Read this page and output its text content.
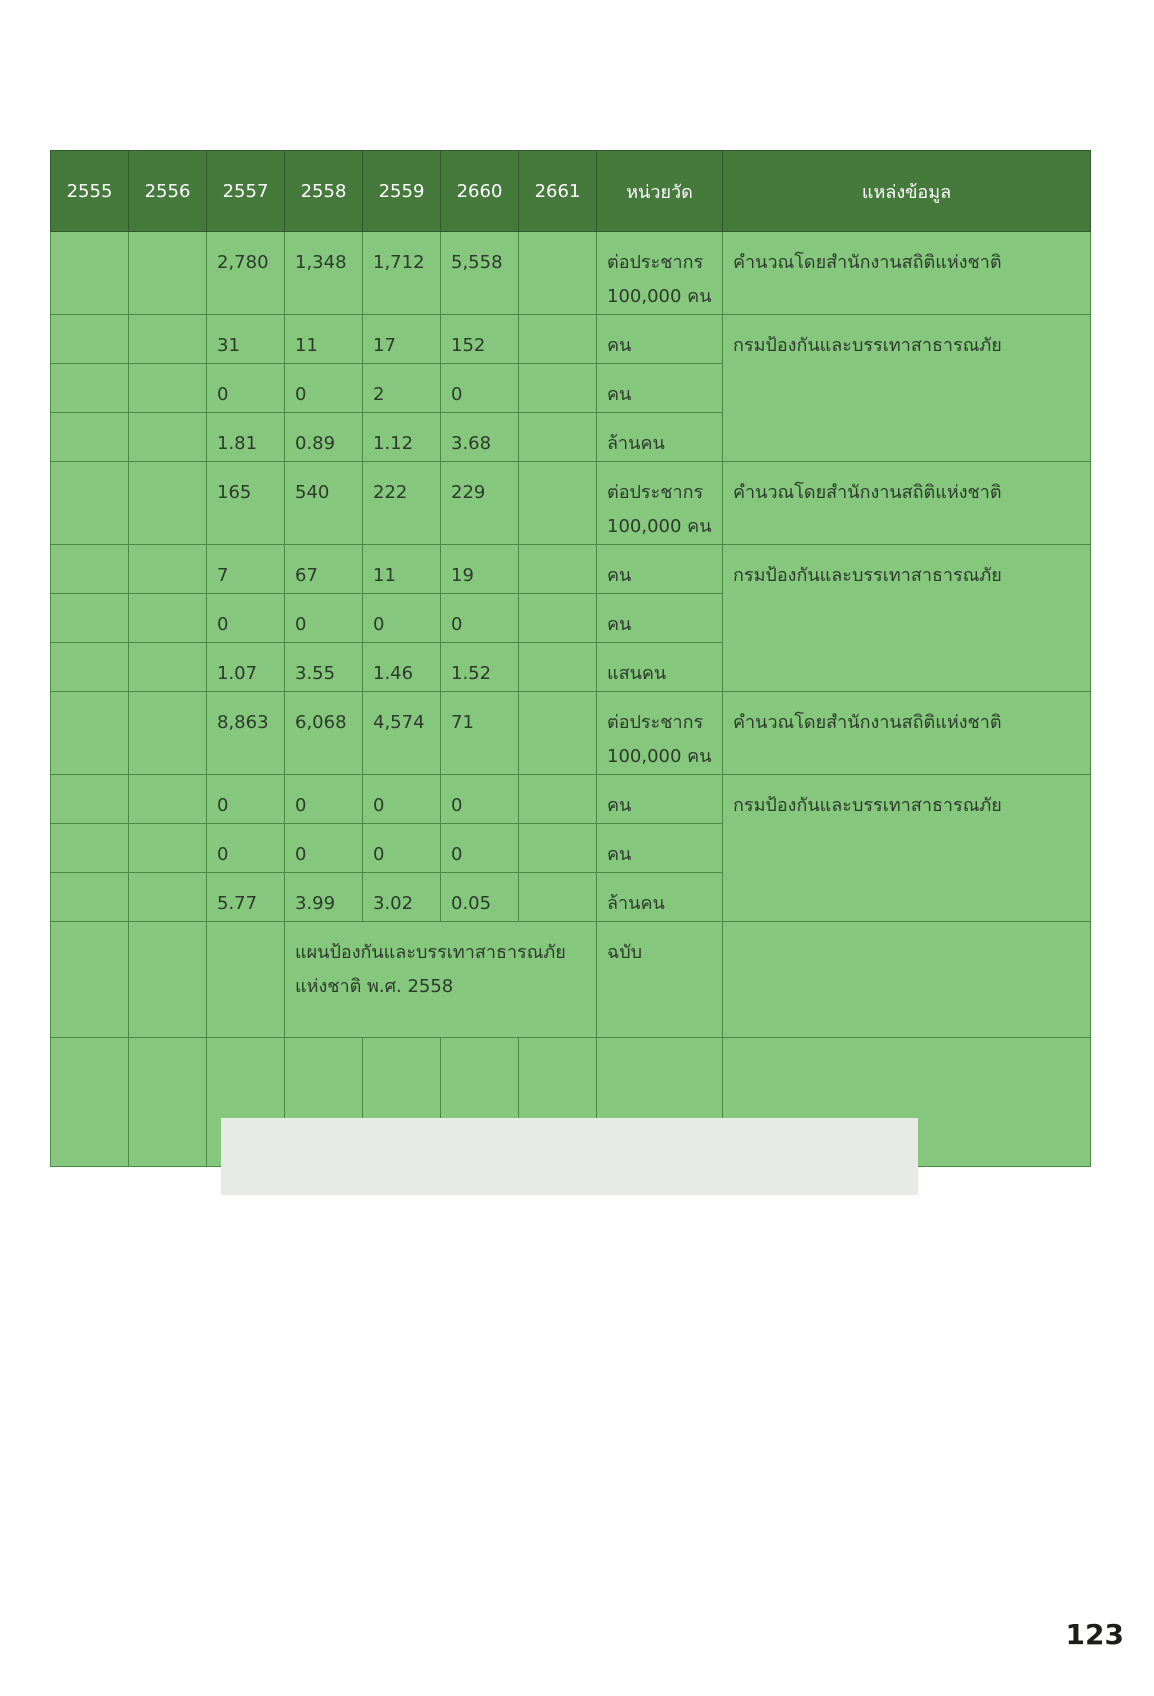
2555	2556	2557	2558	2559	2660	2661	หน่วยวัด	แหล่งข้อมูล
		2,780	1,348	1,712	5,558		ต่อประชากร 100,000 คน	คำนวณโดยสำนักงานสถิติแห่งชาติ
		31	11	17	152		คน	กรมป้องกันและบรรเทาสาธารณภัย
		0	0	2	0		คน	
		1.81	0.89	1.12	3.68		ล้านคน	
		165	540	222	229		ต่อประชากร 100,000 คน	คำนวณโดยสำนักงานสถิติแห่งชาติ
		7	67	11	19		คน	กรมป้องกันและบรรเทาสาธารณภัย
		0	0	0	0		คน	
		1.07	3.55	1.46	1.52		แสนคน	
		8,863	6,068	4,574	71		ต่อประชากร 100,000 คน	คำนวณโดยสำนักงานสถิติแห่งชาติ
		0	0	0	0		คน	กรมป้องกันและบรรเทาสาธารณภัย
		0	0	0	0		คน	
		5.77	3.99	3.02	0.05		ล้านคน	
			แผนป้องกันและบรรเทาสาธารณภัยแห่งชาติ พ.ศ. 2558				ฉบับ	

123
